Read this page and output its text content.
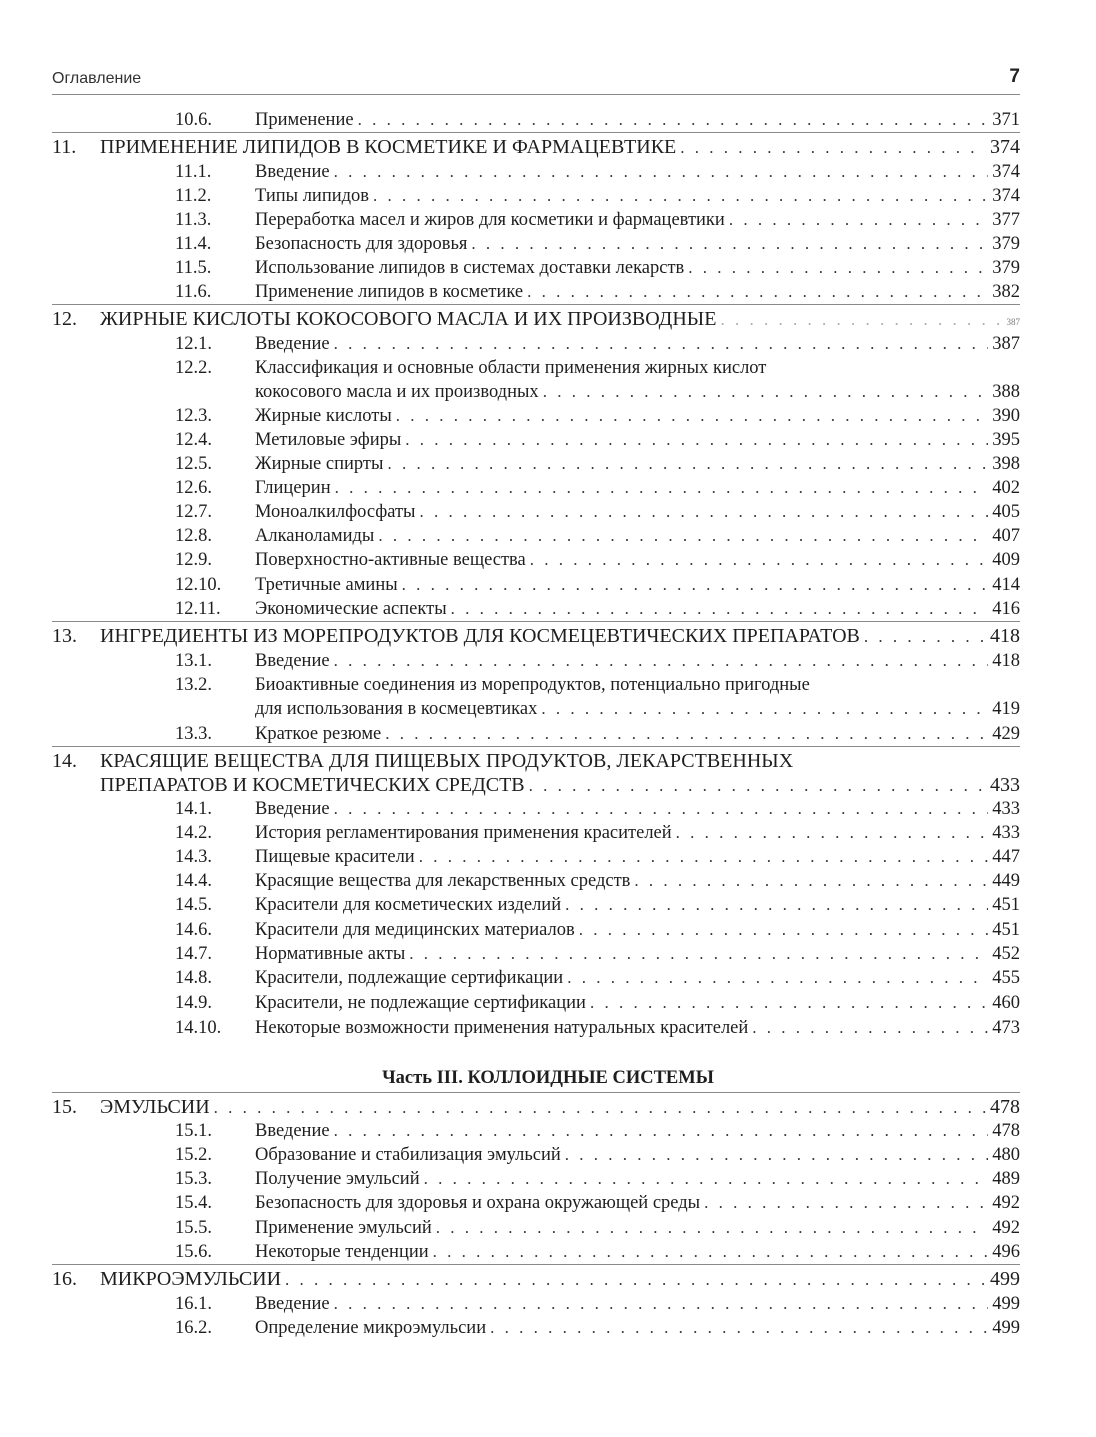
Оглавление	7
10.6. Применение . . .	371
11. ПРИМЕНЕНИЕ ЛИПИДОВ В КОСМЕТИКЕ И ФАРМАЦЕВТИКЕ . . .	374
11.1. Введение . . .	374
11.2. Типы липидов . . .	374
11.3. Переработка масел и жиров для косметики и фармацевтики . . .	377
11.4. Безопасность для здоровья . . .	379
11.5. Использование липидов в системах доставки лекарств . . .	379
11.6. Применение липидов в косметике . . .	382
12. ЖИРНЫЕ КИСЛОТЫ КОКОСОВОГО МАСЛА И ИХ ПРОИЗВОДНЫЕ . . .	387
12.1. Введение . . .	387
12.2. Классификация и основные области применения жирных кислот
кокосового масла и их производных . . .	388
12.3. Жирные кислоты . . .	390
12.4. Метиловые эфиры . . .	395
12.5. Жирные спирты . . .	398
12.6. Глицерин . . .	402
12.7. Моноалкилфосфаты . . .	405
12.8. Алканоламиды . . .	407
12.9. Поверхностно-активные вещества . . .	409
12.10. Третичные амины . . .	414
12.11. Экономические аспекты . . .	416
13. ИНГРЕДИЕНТЫ ИЗ МОРЕПРОДУКТОВ ДЛЯ КОСМЕЦЕВТИЧЕСКИХ ПРЕПАРАТОВ . . .	418
13.1. Введение . . .	418
13.2. Биоактивные соединения из морепродуктов, потенциально пригодные
для использования в космецевтиках . . .	419
13.3. Краткое резюме . . .	429
14. КРАСЯЩИЕ ВЕЩЕСТВА ДЛЯ ПИЩЕВЫХ ПРОДУКТОВ, ЛЕКАРСТВЕННЫХ
ПРЕПАРАТОВ И КОСМЕТИЧЕСКИХ СРЕДСТВ . . .	433
14.1. Введение . . .	433
14.2. История регламентирования применения красителей . . .	433
14.3. Пищевые красители . . .	447
14.4. Красящие вещества для лекарственных средств . . .	449
14.5. Красители для косметических изделий . . .	451
14.6. Красители для медицинских материалов . . .	451
14.7. Нормативные акты . . .	452
14.8. Красители, подлежащие сертификации . . .	455
14.9. Красители, не подлежащие сертификации . . .	460
14.10. Некоторые возможности применения натуральных красителей . . .	473
Часть III. КОЛЛОИДНЫЕ СИСТЕМЫ
15. ЭМУЛЬСИИ . . .	478
15.1. Введение . . .	478
15.2. Образование и стабилизация эмульсий . . .	480
15.3. Получение эмульсий . . .	489
15.4. Безопасность для здоровья и охрана окружающей среды . . .	492
15.5. Применение эмульсий . . .	492
15.6. Некоторые тенденции . . .	496
16. МИКРОЭМУЛЬСИИ . . .	499
16.1. Введение . . .	499
16.2. Определение микроэмульсии . . .	499
